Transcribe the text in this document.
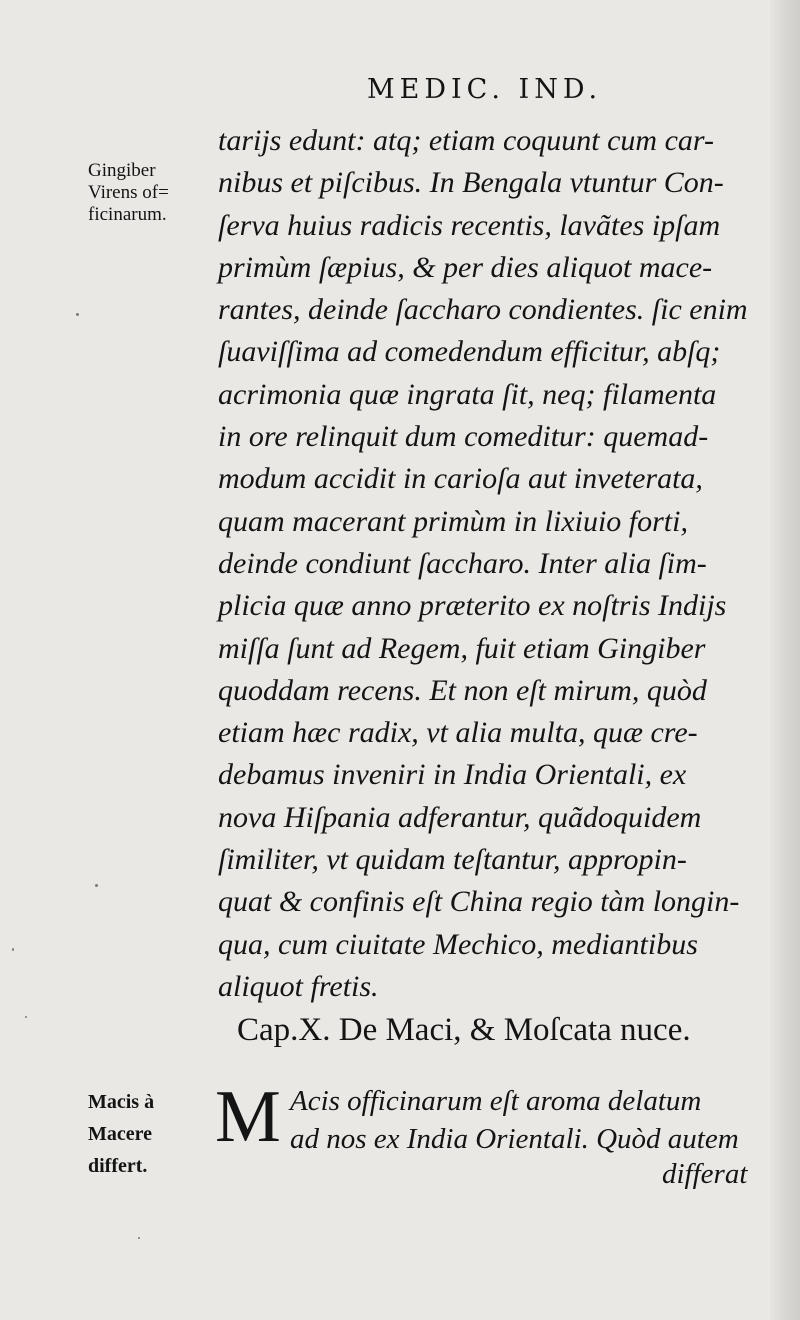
MEDIC. IND.
Gingiber
Virens of=
ficinarum.
tarijs edunt: atq; etiam coquunt cum car-
nibus et piſcibus. In Bengala vtuntur Con-
ſerva huius radicis recentis, lavãtes ipſam
primùm ſæpius, & per dies aliquot mace-
rantes, deinde ſaccharo condientes. ſic enim
ſuaviſſima ad comedendum efficitur, abſq;
acrimonia quæ ingrata ſit, neq; filamenta
in ore relinquit dum comeditur: quemad-
modum accidit in carioſa aut inveterata,
quam macerant primùm in lixiuio forti,
deinde condiunt ſaccharo. Inter alia ſim-
plicia quæ anno præterito ex noſtris Indijs
miſſa ſunt ad Regem, fuit etiam Gingiber
quoddam recens. Et non eſt mirum, quòd
etiam hæc radix, vt alia multa, quæ cre-
debamus inveniri in India Orientali, ex
nova Hiſpania adferantur, quãdoquidem
ſimiliter, vt quidam teſtantur, appropin-
quat & confinis eſt China regio tàm longin-
qua, cum ciuitate Mechico, mediantibus
aliquot fretis.
Cap.X. De Maci, & Moſcata nuce.
Macis à
Macere
differt.
M Acis officinarum eſt aroma delatum
ad nos ex India Orientali. Quòd autem
differat
